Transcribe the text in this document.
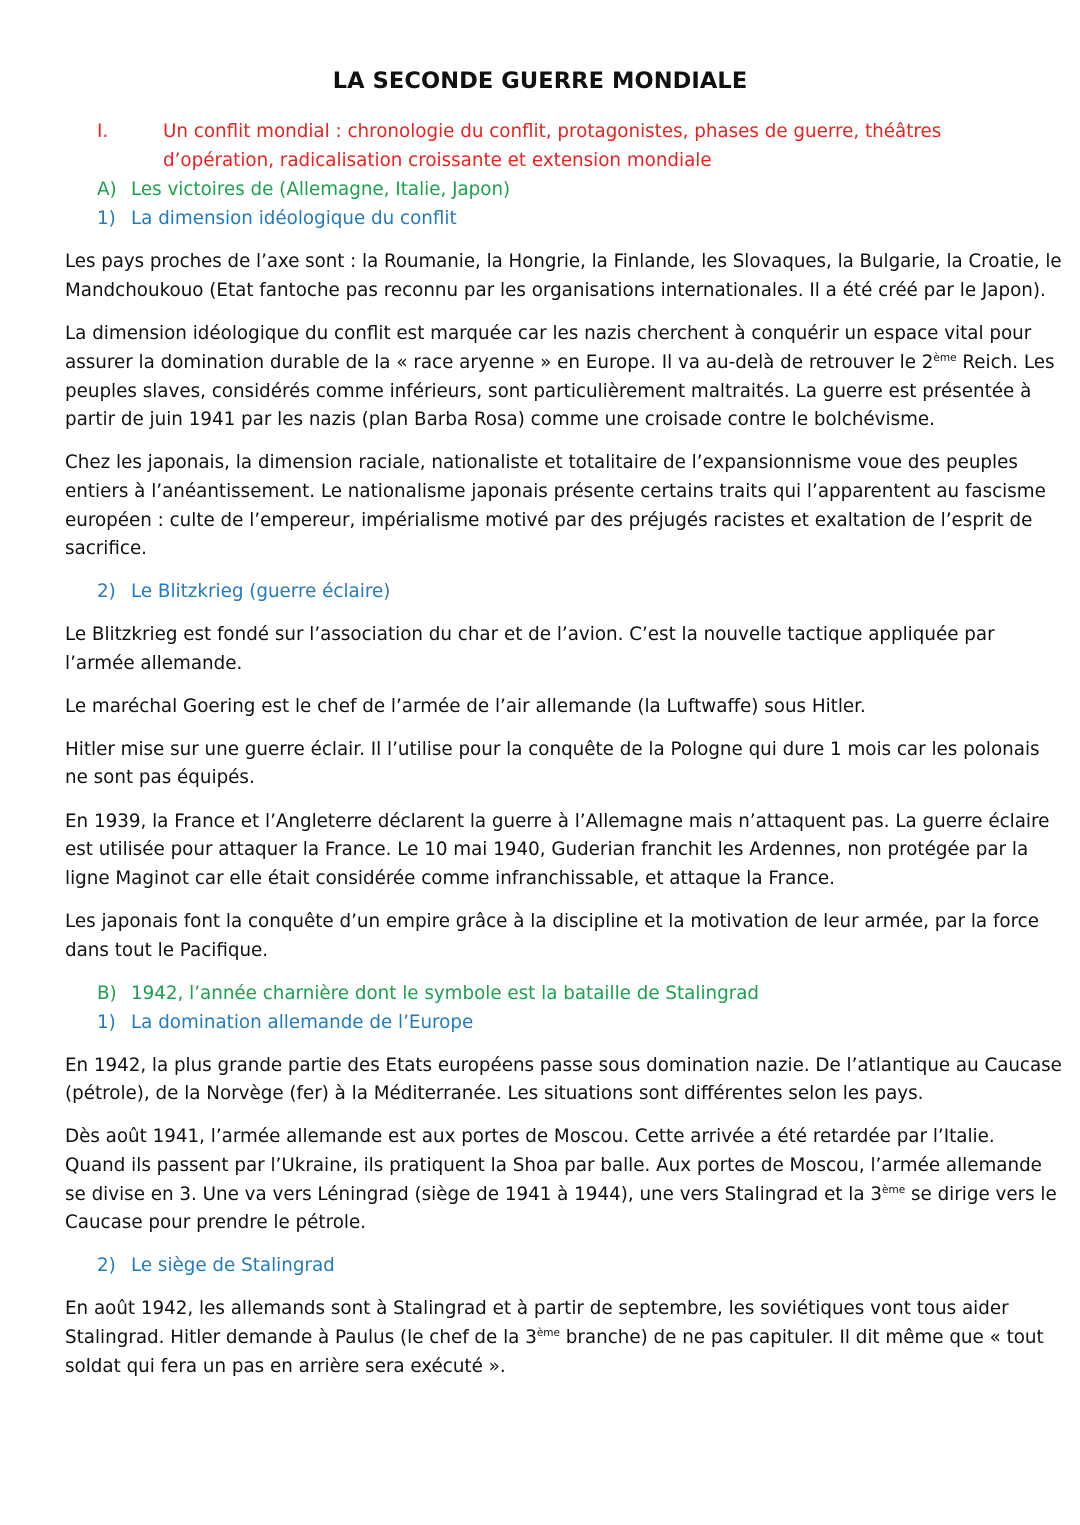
LA SECONDE GUERRE MONDIALE
I.	Un conflit mondial : chronologie du conflit, protagonistes, phases de guerre, théâtres
d’opération, radicalisation croissante et extension mondiale
A) Les victoires de (Allemagne, Italie, Japon)
1) La dimension idéologique du conflit
Les pays proches de l’axe sont : la Roumanie, la Hongrie, la Finlande, les Slovaques, la Bulgarie, la Croatie, le
Mandchoukouo (Etat fantoche pas reconnu par les organisations internationales. Il a été créé par le Japon).
La dimension idéologique du conflit est marquée car les nazis cherchent à conquérir un espace vital pour
assurer la domination durable de la « race aryenne » en Europe. Il va au-delà de retrouver le 2ème Reich. Les
peuples slaves, considérés comme inférieurs, sont particulièrement maltraités. La guerre est présentée à
partir de juin 1941 par les nazis (plan Barba Rosa) comme une croisade contre le bolchévisme.
Chez les japonais, la dimension raciale, nationaliste et totalitaire de l’expansionnisme voue des peuples
entiers à l’anéantissement. Le nationalisme japonais présente certains traits qui l’apparentent au fascisme
européen : culte de l’empereur, impérialisme motivé par des préjugés racistes et exaltation de l’esprit de
sacrifice.
2) Le Blitzkrieg (guerre éclaire)
Le Blitzkrieg est fondé sur l’association du char et de l’avion. C’est la nouvelle tactique appliquée par
l’armée allemande.
Le maréchal Goering est le chef de l’armée de l’air allemande (la Luftwaffe) sous Hitler.
Hitler mise sur une guerre éclair. Il l’utilise pour la conquête de la Pologne qui dure 1 mois car les polonais
ne sont pas équipés.
En 1939, la France et l’Angleterre déclarent la guerre à l’Allemagne mais n’attaquent pas. La guerre éclaire
est utilisée pour attaquer la France. Le 10 mai 1940, Guderian franchit les Ardennes, non protégée par la
ligne Maginot car elle était considérée comme infranchissable, et attaque la France.
Les japonais font la conquête d’un empire grâce à la discipline et la motivation de leur armée, par la force
dans tout le Pacifique.
B) 1942, l’année charnière dont le symbole est la bataille de Stalingrad
1) La domination allemande de l’Europe
En 1942, la plus grande partie des Etats européens passe sous domination nazie. De l’atlantique au Caucase
(pétrole), de la Norvège (fer) à la Méditerranée. Les situations sont différentes selon les pays.
Dès août 1941, l’armée allemande est aux portes de Moscou. Cette arrivée a été retardée par l’Italie.
Quand ils passent par l’Ukraine, ils pratiquent la Shoa par balle. Aux portes de Moscou, l’armée allemande
se divise en 3. Une va vers Léningrad (siège de 1941 à 1944), une vers Stalingrad et la 3ème se dirige vers le
Caucase pour prendre le pétrole.
2) Le siège de Stalingrad
En août 1942, les allemands sont à Stalingrad et à partir de septembre, les soviétiques vont tous aider
Stalingrad. Hitler demande à Paulus (le chef de la 3ème branche) de ne pas capituler. Il dit même que « tout
soldat qui fera un pas en arrière sera exécuté ».
